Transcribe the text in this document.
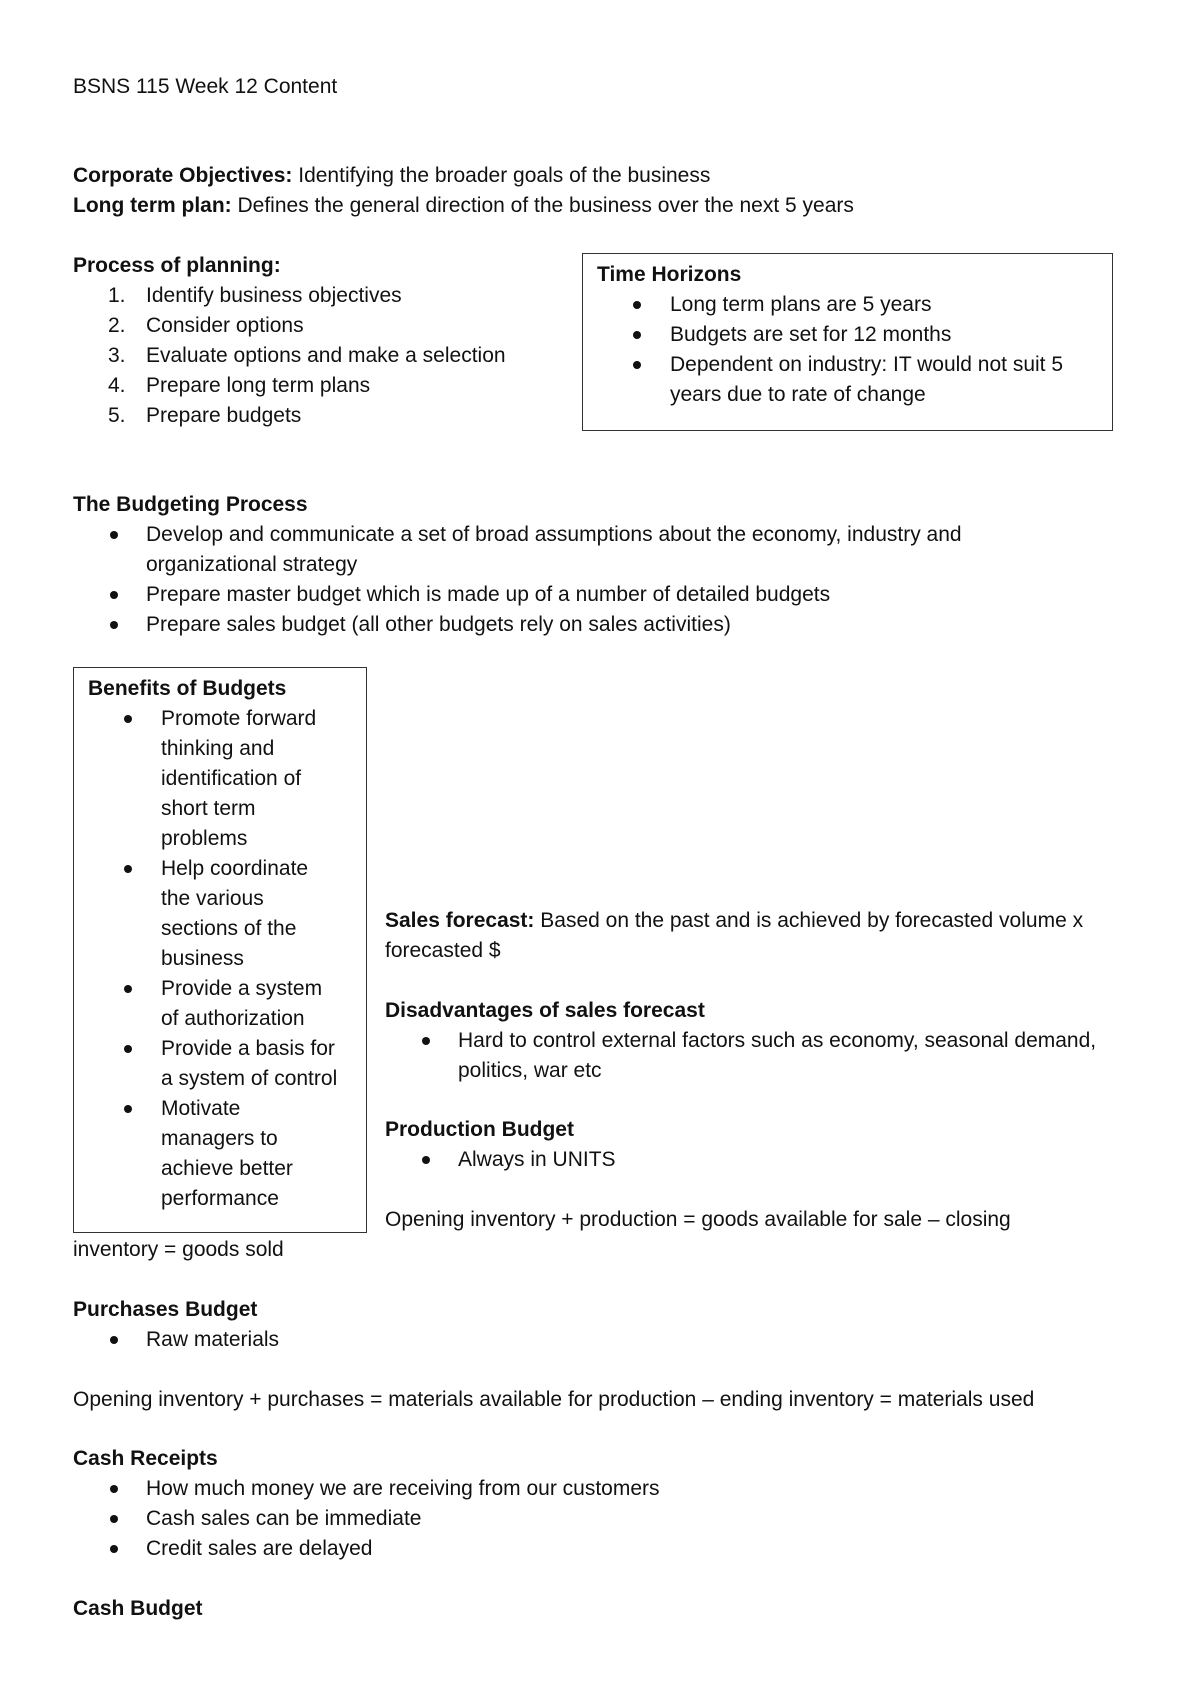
BSNS 115 Week 12 Content
Corporate Objectives: Identifying the broader goals of the business
Long term plan: Defines the general direction of the business over the next 5 years
Process of planning:
1. Identify business objectives
2. Consider options
3. Evaluate options and make a selection
4. Prepare long term plans
5. Prepare budgets
Time Horizons
Long term plans are 5 years
Budgets are set for 12 months
Dependent on industry: IT would not suit 5
years due to rate of change
The Budgeting Process
Develop and communicate a set of broad assumptions about the economy, industry and
organizational strategy
Prepare master budget which is made up of a number of detailed budgets
Prepare sales budget (all other budgets rely on sales activities)
Benefits of Budgets
Promote forward
thinking and
identification of
short term
problems
Help coordinate
the various
sections of the
business
Provide a system
of authorization
Provide a basis for
a system of control
Motivate
managers to
achieve better
performance
Sales forecast: Based on the past and is achieved by forecasted volume x
forecasted $
Disadvantages of sales forecast
Hard to control external factors such as economy, seasonal demand,
politics, war etc
Production Budget
Always in UNITS
Opening inventory + production = goods available for sale – closing
inventory = goods sold
Purchases Budget
Raw materials
Opening inventory + purchases = materials available for production – ending inventory = materials used
Cash Receipts
How much money we are receiving from our customers
Cash sales can be immediate
Credit sales are delayed
Cash Budget
